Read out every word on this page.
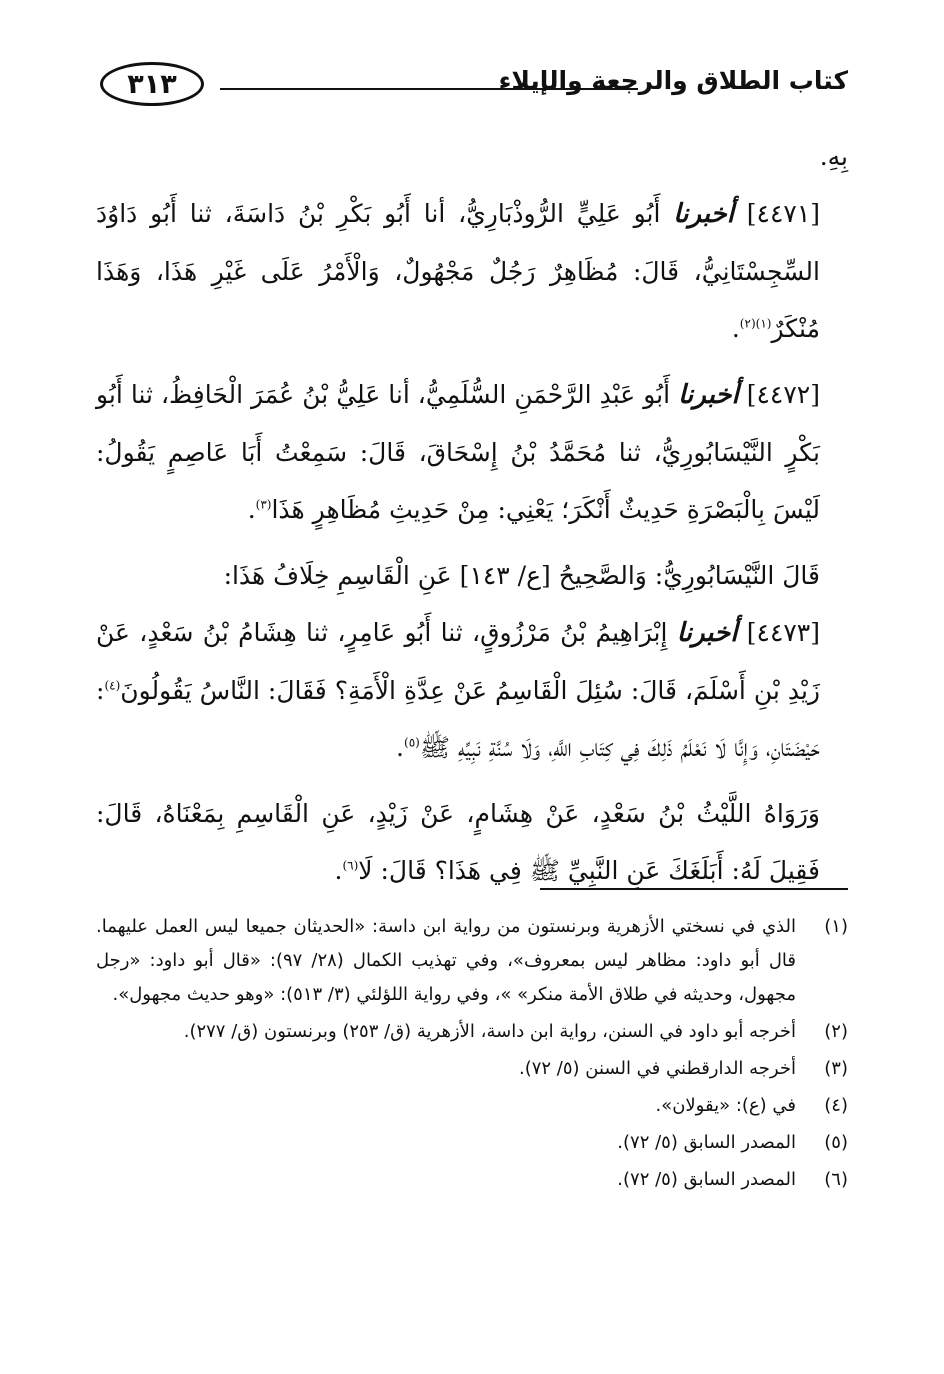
كتاب الطلاق والرجعة والإيلاء
٣١٣

بِهِ.

[٤٤٧١] أخبرنا أَبُو عَلِيٍّ الرُّوذْبَارِيُّ، أنا أَبُو بَكْرِ بْنُ دَاسَةَ، ثنا أَبُو دَاوُدَ السِّجِسْتَانِيُّ، قَالَ: مُظَاهِرٌ رَجُلٌ مَجْهُولٌ، وَالْأَمْرُ عَلَى غَيْرِ هَذَا، وَهَذَا مُنْكَرٌ$^{(١)(٢)}$.

[٤٤٧٢] أخبرنا أَبُو عَبْدِ الرَّحْمَنِ السُّلَمِيُّ، أنا عَلِيُّ بْنُ عُمَرَ الْحَافِظُ، ثنا أَبُو بَكْرٍ النَّيْسَابُورِيُّ، ثنا مُحَمَّدُ بْنُ إِسْحَاقَ، قَالَ: سَمِعْتُ أَبَا عَاصِمٍ يَقُولُ: لَيْسَ بِالْبَصْرَةِ حَدِيثٌ أَنْكَرَ؛ يَعْنِي: مِنْ حَدِيثِ مُظَاهِرٍ هَذَا$^{(٣)}$.

قَالَ النَّيْسَابُورِيُّ: وَالصَّحِيحُ [ع/ ١٤٣] عَنِ الْقَاسِمِ خِلَافُ هَذَا:

[٤٤٧٣] أخبرنا إِبْرَاهِيمُ بْنُ مَرْزُوقٍ، ثنا أَبُو عَامِرٍ، ثنا هِشَامُ بْنُ سَعْدٍ، عَنْ زَيْدِ بْنِ أَسْلَمَ، قَالَ: سُئِلَ الْقَاسِمُ عَنْ عِدَّةِ الْأَمَةِ؟ فَقَالَ: النَّاسُ يَقُولُونَ$^{(٤)}$: حَيْضَتَانِ، وَإِنَّا لَا نَعْلَمُ ذَلِكَ فِي كِتَابِ اللَّهِ، وَلَا سُنَّةِ نَبِيِّهِ ﷺ$^{(٥)}$.

وَرَوَاهُ اللَّيْثُ بْنُ سَعْدٍ، عَنْ هِشَامٍ، عَنْ زَيْدٍ، عَنِ الْقَاسِمِ بِمَعْنَاهُ، قَالَ: فَقِيلَ لَهُ: أَبَلَغَكَ عَنِ النَّبِيِّ ﷺ فِي هَذَا؟ قَالَ: لَا$^{(٦)}$.

(١)
الذي في نسختي الأزهرية وبرنستون من رواية ابن داسة: «الحديثان جميعا ليس العمل عليهما. قال أبو داود: مظاهر ليس بمعروف»، وفي تهذيب الكمال (٢٨/ ٩٧): «قال أبو داود: «رجل مجهول، وحديثه في طلاق الأمة منكر» »، وفي رواية اللؤلئي (٣/ ٥١٣): «وهو حديث مجهول».
(٢)
أخرجه أبو داود في السنن، رواية ابن داسة، الأزهرية (ق/ ٢٥٣) وبرنستون (ق/ ٢٧٧).
(٣)
أخرجه الدارقطني في السنن (٥/ ٧٢).
(٤)
في (ع): «يقولان».
(٥)
المصدر السابق (٥/ ٧٢).
(٦)
المصدر السابق (٥/ ٧٢).
